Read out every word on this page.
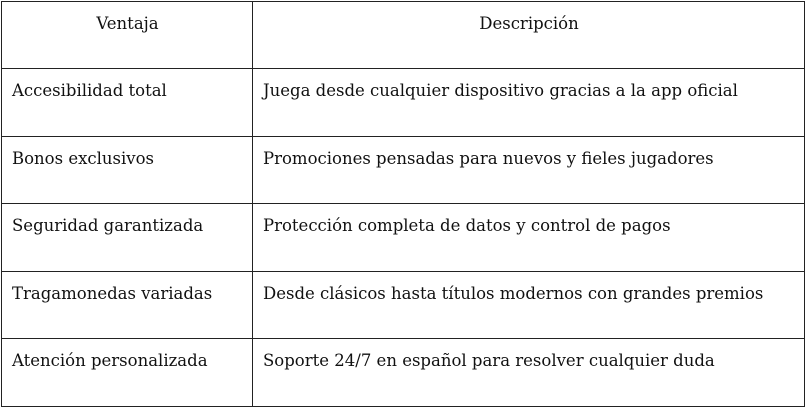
Ventaja	Descripción
Accesibilidad total	Juega desde cualquier dispositivo gracias a la app oficial
Bonos exclusivos	Promociones pensadas para nuevos y fieles jugadores
Seguridad garantizada	Protección completa de datos y control de pagos
Tragamonedas variadas	Desde clásicos hasta títulos modernos con grandes premios
Atención personalizada	Soporte 24/7 en español para resolver cualquier duda
